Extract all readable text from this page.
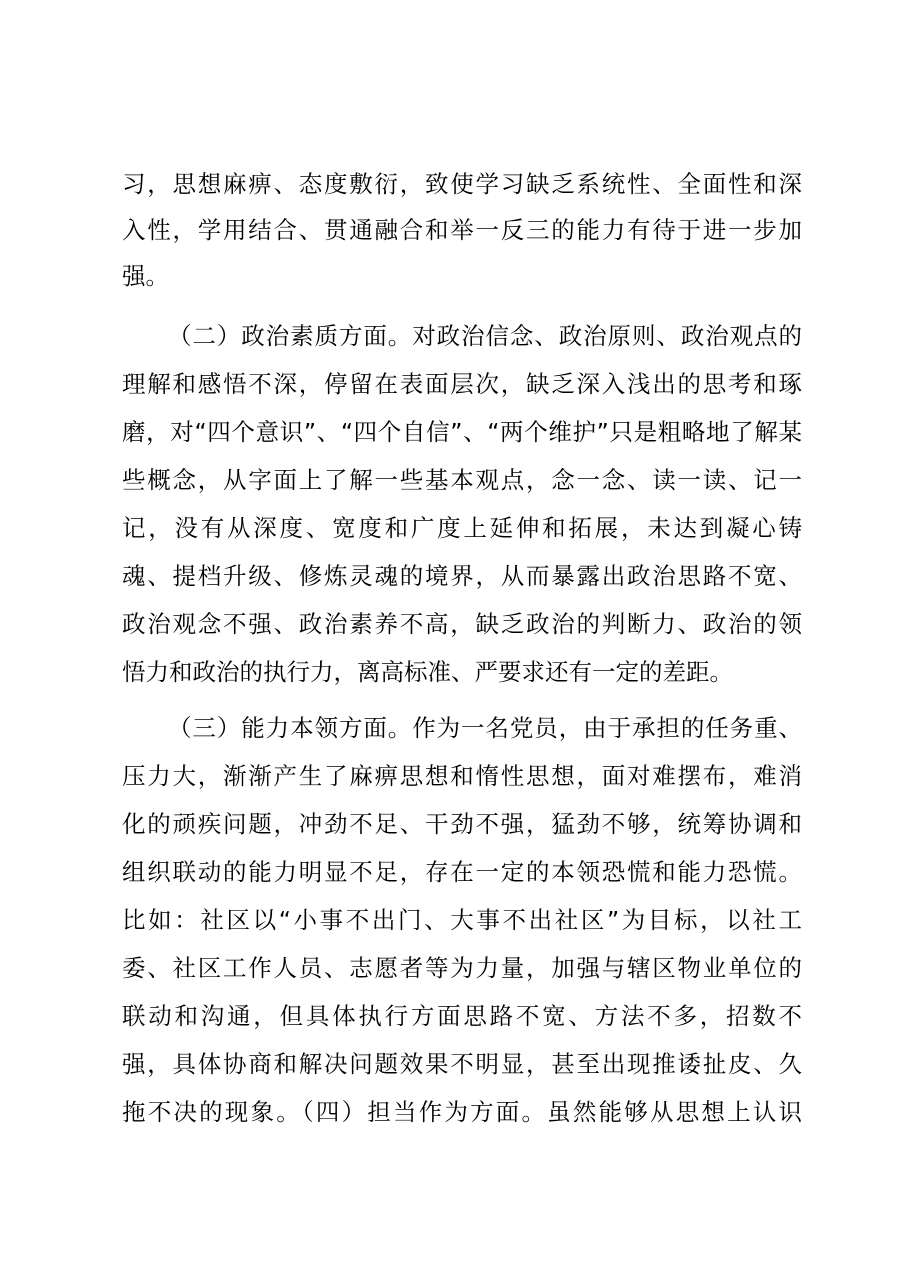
习，思想麻痹、态度敷衍，致使学习缺乏系统性、全面性和深
入性，学用结合、贯通融合和举一反三的能力有待于进一步加
强。
（二）政治素质方面。对政治信念、政治原则、政治观点的
理解和感悟不深，停留在表面层次，缺乏深入浅出的思考和琢
磨，对“四个意识”、“四个自信”、“两个维护”只是粗略地了解某
些概念，从字面上了解一些基本观点，念一念、读一读、记一
记，没有从深度、宽度和广度上延伸和拓展，未达到凝心铸
魂、提档升级、修炼灵魂的境界，从而暴露出政治思路不宽、
政治观念不强、政治素养不高，缺乏政治的判断力、政治的领
悟力和政治的执行力，离高标准、严要求还有一定的差距。
（三）能力本领方面。作为一名党员，由于承担的任务重、
压力大，渐渐产生了麻痹思想和惰性思想，面对难摆布，难消
化的顽疾问题，冲劲不足、干劲不强，猛劲不够，统筹协调和
组织联动的能力明显不足，存在一定的本领恐慌和能力恐慌。
比如：社区以“小事不出门、大事不出社区”为目标，以社工
委、社区工作人员、志愿者等为力量，加强与辖区物业单位的
联动和沟通，但具体执行方面思路不宽、方法不多，招数不
强，具体协商和解决问题效果不明显，甚至出现推诿扯皮、久
拖不决的现象。（四）担当作为方面。虽然能够从思想上认识
